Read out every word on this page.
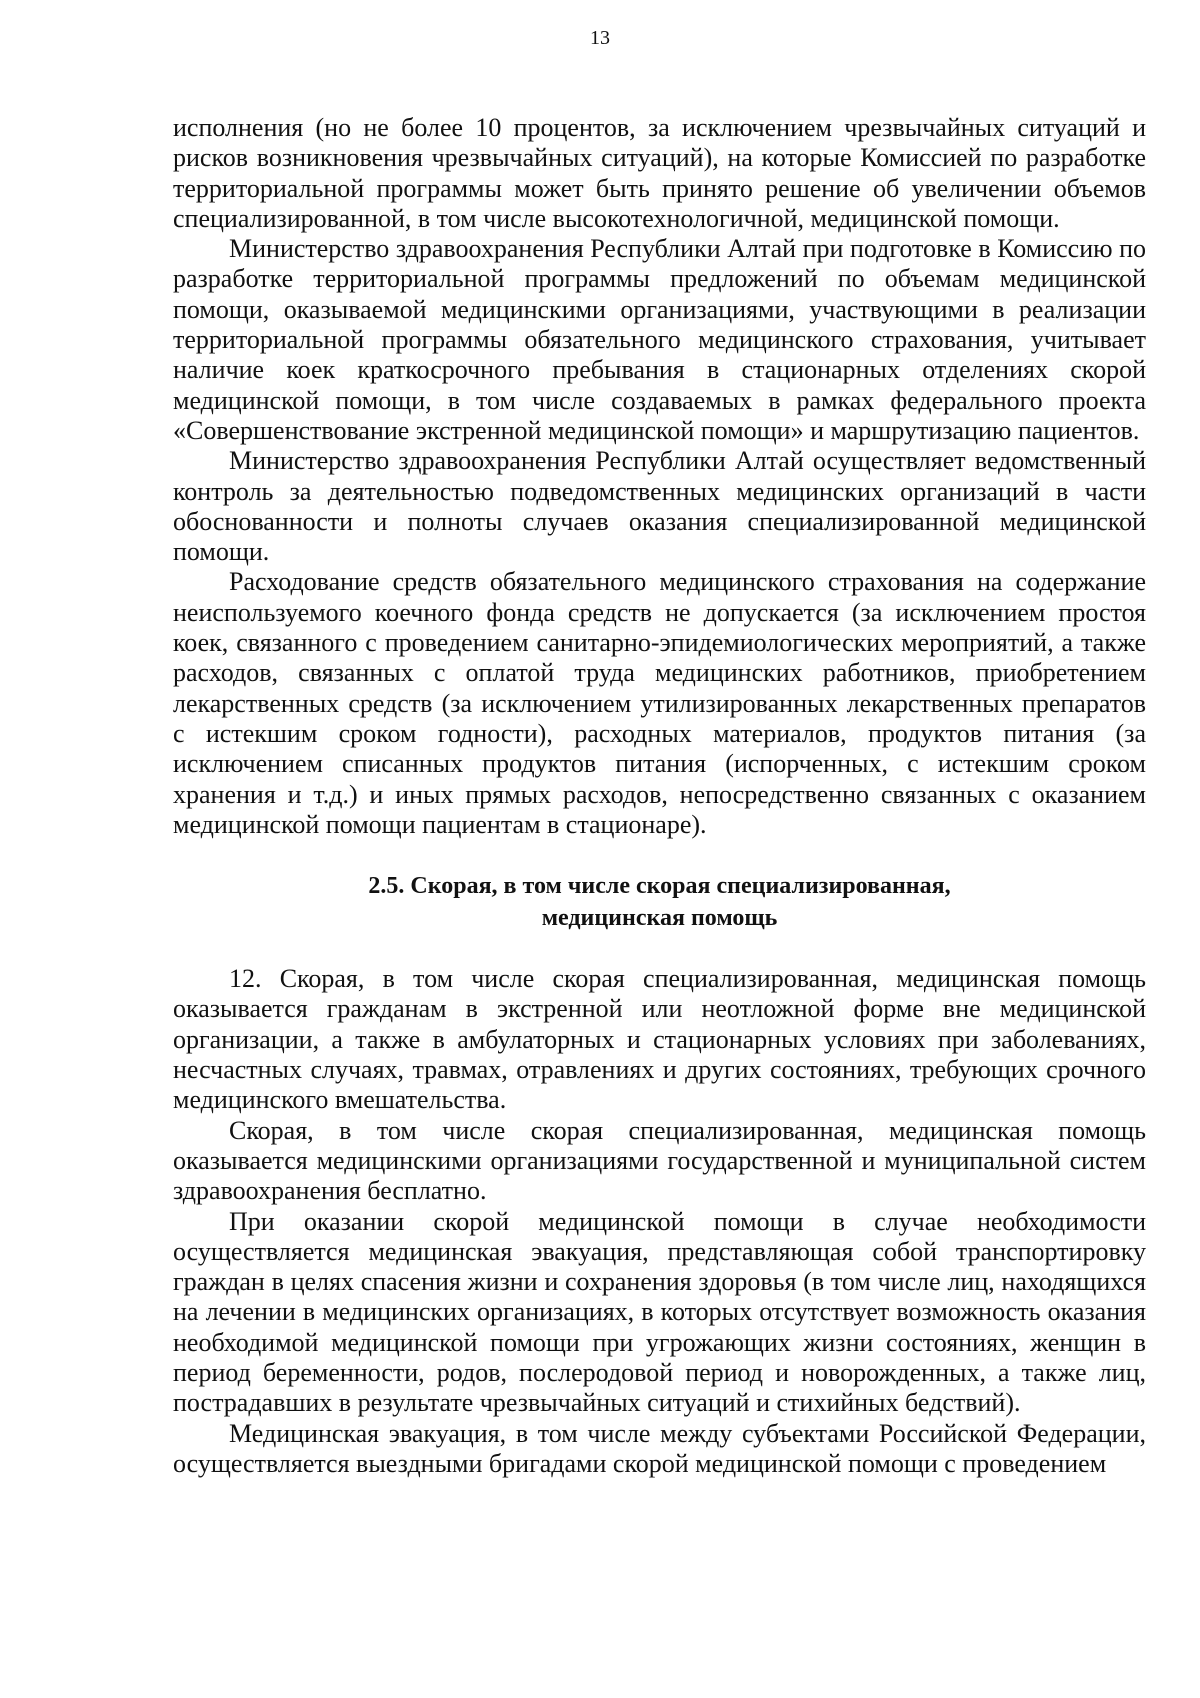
13

исполнения (но не более 10 процентов, за исключением чрезвычайных ситуаций и рисков возникновения чрезвычайных ситуаций), на которые Комиссией по разработке территориальной программы может быть принято решение об увеличении объемов специализированной, в том числе высокотехнологичной, медицинской помощи.

Министерство здравоохранения Республики Алтай при подготовке в Комиссию по разработке территориальной программы предложений по объемам медицинской помощи, оказываемой медицинскими организациями, участвующими в реализации территориальной программы обязательного медицинского страхования, учитывает наличие коек краткосрочного пребывания в стационарных отделениях скорой медицинской помощи, в том числе создаваемых в рамках федерального проекта «Совершенствование экстренной медицинской помощи» и маршрутизацию пациентов.

Министерство здравоохранения Республики Алтай осуществляет ведомственный контроль за деятельностью подведомственных медицинских организаций в части обоснованности и полноты случаев оказания специализированной медицинской помощи.

Расходование средств обязательного медицинского страхования на содержание неиспользуемого коечного фонда средств не допускается (за исключением простоя коек, связанного с проведением санитарно-эпидемиологических мероприятий, а также расходов, связанных с оплатой труда медицинских работников, приобретением лекарственных средств (за исключением утилизированных лекарственных препаратов с истекшим сроком годности), расходных материалов, продуктов питания (за исключением списанных продуктов питания (испорченных, с истекшим сроком хранения и т.д.) и иных прямых расходов, непосредственно связанных с оказанием медицинской помощи пациентам в стационаре).

2.5. Скорая, в том числе скорая специализированная,
медицинская помощь

12. Скорая, в том числе скорая специализированная, медицинская помощь оказывается гражданам в экстренной или неотложной форме вне медицинской организации, а также в амбулаторных и стационарных условиях при заболеваниях, несчастных случаях, травмах, отравлениях и других состояниях, требующих срочного медицинского вмешательства.

Скорая, в том числе скорая специализированная, медицинская помощь оказывается медицинскими организациями государственной и муниципальной систем здравоохранения бесплатно.

При оказании скорой медицинской помощи в случае необходимости осуществляется медицинская эвакуация, представляющая собой транспортировку граждан в целях спасения жизни и сохранения здоровья (в том числе лиц, находящихся на лечении в медицинских организациях, в которых отсутствует возможность оказания необходимой медицинской помощи при угрожающих жизни состояниях, женщин в период беременности, родов, послеродовой период и новорожденных, а также лиц, пострадавших в результате чрезвычайных ситуаций и стихийных бедствий).

Медицинская эвакуация, в том числе между субъектами Российской Федерации, осуществляется выездными бригадами скорой медицинской помощи с проведением
